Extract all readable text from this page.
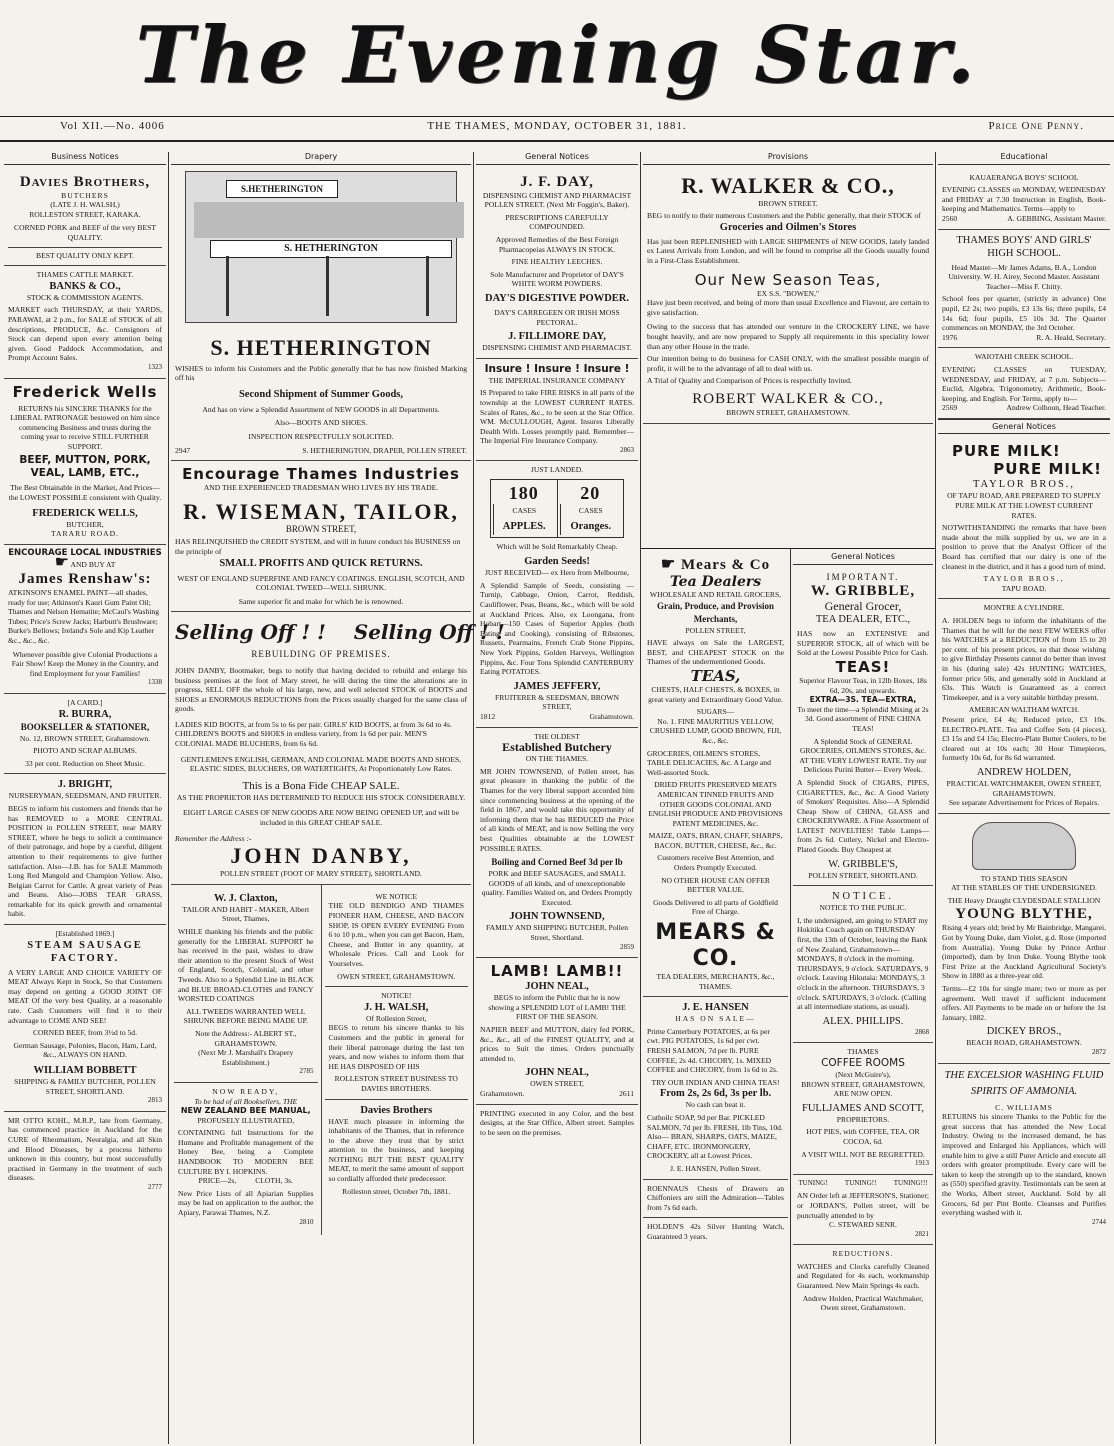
The Evening Star.
Vol XII.—No. 4006	THE THAMES, MONDAY, OCTOBER 31, 1881.	Price One Penny.
Business Notices
Davies Brothers,
BUTCHERS
(LATE J. H. WALSH,)
ROLLESTON STREET, KARAKA.
CORNED PORK and BEEF of the very BEST QUALITY.
BEST QUALITY ONLY KEPT.
THAMES CATTLE MARKET.
BANKS & CO.,
STOCK & COMMISSION AGENTS.
MARKET each THURSDAY, at their YARDS, PARAWAI, at 2 p.m., for SALE of STOCK of all descriptions, PRODUCE, &c. Consignors of Stock can depend upon every attention being given. Good Paddock Accommodation, and Prompt Account Sales.
1323
Frederick Wells
RETURNS his SINCERE THANKS for the LIBERAL PATRONAGE bestowed on him since commencing Business and trusts during the coming year to receive STILL FURTHER SUPPORT.
BEEF, MUTTON, PORK, VEAL, LAMB, ETC.,
The Best Obtainable in the Market, And Prices—the LOWEST POSSIBLE consistent with Quality.
FREDERICK WELLS,
BUTCHER,
TARARU ROAD.
ENCOURAGE LOCAL INDUSTRIES
☛ AND BUY AT
James Renshaw's:
ATKINSON'S ENAMEL PAINT—all shades, ready for use; Atkinson's Kauri Gum Paint Oil; Thames and Nelson Hematite; McCaul's Washing Tubes; Price's Screw Jacks; Harbutt's Brushware; Burke's Bellows; Ireland's Sole and Kip Leather &c., &c., &c.
Whenever possible give Colonial Productions a Fair Show! Keep the Money in the Country, and find Employment for your Families!
1338
[A CARD.]
R. BURRA,
BOOKSELLER & STATIONER,
No. 12, BROWN STREET, Grahamstown.
PHOTO AND SCRAP ALBUMS.
33 per cent. Reduction on Sheet Music.
J. BRIGHT,
NURSERYMAN, SEEDSMAN, AND FRUITER.
BEGS to inform his customers and friends that he has REMOVED to a MORE CENTRAL POSITION in POLLEN STREET, near MARY STREET, where he begs to solicit a continuance of their patronage, and hope by a careful, diligent attention to their requirements to give further satisfaction. Also—J.B. has for SALE Mammoth Long Red Mangold and Champion Yellow. Also, Belgian Carrot for Cattle. A great variety of Peas and Beans. Also—JOBS TEAR GRASS, remarkable for its quick growth and ornamental habit.
[Established 1869.]
STEAM SAUSAGE FACTORY.
A VERY LARGE AND CHOICE VARIETY OF MEAT Always Kept in Stock, So that Customers may depend on getting a GOOD JOINT OF MEAT Of the very best Quality, at a reasonable rate. Cash Customers will find it to their advantage to COME AND SEE!
CORNED BEEF, from 3½d to 5d.
German Sausage, Polonies, Bacon, Ham, Lard, &c., ALWAYS ON HAND.
WILLIAM BOBBETT
SHIPPING & FAMILY BUTCHER, POLLEN STREET, SHORTLAND.
2813
MR OTTO KOHL, M.R.P., late from Germany, has commenced practice in Auckland for the CURE of Rheumatism, Neuralgia, and all Skin and Blood Diseases, by a process hitherto unknown in this country, but most successfully practised in Germany in the treatment of such diseases.
2777
Drapery
S.HETHERINGTON
S. HETHERINGTON
S. HETHERINGTON
WISHES to inform his Customers and the Public generally that he has now finished Marking off his
Second Shipment of Summer Goods,
And has on view a Splendid Assortment of NEW GOODS in all Departments.
Also—BOOTS AND SHOES.
INSPECTION RESPECTFULLY SOLICITED.
2947	S. HETHERINGTON, DRAPER, POLLEN STREET.
Encourage Thames Industries
AND THE EXPERIENCED TRADESMAN WHO LIVES BY HIS TRADE.
R. WISEMAN, TAILOR,
BROWN STREET,
HAS RELINQUISHED the CREDIT SYSTEM, and will in future conduct his BUSINESS on the principle of
SMALL PROFITS AND QUICK RETURNS.
WEST OF ENGLAND SUPERFINE AND FANCY COATINGS. ENGLISH, SCOTCH, AND COLONIAL TWEED—WELL SHRUNK.
Same superior fit and make for which he is renowned.
Selling Off ! !    Selling Off ! !
REBUILDING OF PREMISES.
JOHN DANBY, Bootmaker, begs to notify that having decided to rebuild and enlarge his business premises at the foot of Mary street, he will during the time the alterations are in progress, SELL OFF the whole of his large, new, and well selected STOCK of BOOTS and SHOES at ENORMOUS REDUCTIONS from the Prices usually charged for the same class of goods.
LADIES KID BOOTS, at from 5s to 6s per pair. GIRLS' KID BOOTS, at from 3s 6d to 4s. CHILDREN'S BOOTS and SHOES in endless variety, from 1s 6d per pair. MEN'S COLONIAL MADE BLUCHERS, from 6s 6d.
GENTLEMEN'S ENGLISH, GERMAN, AND COLONIAL MADE BOOTS AND SHOES, ELASTIC SIDES, BLUCHERS, OR WATERTIGHTS, At Proportionately Low Rates.
This is a Bona Fide CHEAP SALE.
AS THE PROPRIETOR HAS DETERMINED TO REDUCE HIS STOCK CONSIDERABLY.
EIGHT LARGE CASES OF NEW GOODS ARE NOW BEING OPENED UP, and will be included in this GREAT CHEAP SALE.
Remember the Address :-
JOHN DANBY,
POLLEN STREET (FOOT OF MARY STREET), SHORTLAND.
W. J. Claxton,
TAILOR AND HABIT - MAKER, Albert Street, Thames,
WHILE thanking his friends and the public generally for the LIBERAL SUPPORT he has received in the past, wishes to draw their attention to the present Stock of West of England, Scotch, Colonial, and other Tweeds. Also to a Splendid Line in BLACK and BLUE BROAD-CLOTHS and FANCY WORSTED COATINGS
ALL TWEEDS WARRANTED WELL SHRUNK BEFORE BEING MADE UP.
Note the Address:- ALBERT ST., GRAHAMSTOWN.
(Next Mr J. Marshall's Drapery Establishment.)
2785
NOW READY,
To be had of all Booksellers, THE
NEW ZEALAND BEE MANUAL,
PROFUSELY ILLUSTRATED,
CONTAINING full Instructions for the Humane and Profitable management of the Honey Bee, being a Complete HANDBOOK TO MODERN BEE CULTURE BY I. HOPKINS.
PRICE—2s,          CLOTH, 3s.
New Price Lists of all Apiarian Supplies may be had on application to the author, the Apiary, Parawai Thames, N.Z.
2810
WE NOTICE
THE OLD BENDIGO AND THAMES PIONEER HAM, CHEESE, AND BACON SHOP, IS OPEN EVERY EVENING From 6 to 10 p.m., when you can get Bacon, Ham, Cheese, and Butter in any quantity, at Wholesale Prices. Call and Look for Yourselves.
OWEN STREET, GRAHAMSTOWN.
NOTICE!
J. H. WALSH,
Of Rolleston Street,
BEGS to return his sincere thanks to his Customers and the public in general for their liberal patronage during the last ten years, and now wishes to inform them that HE HAS DISPOSED OF HIS
ROLLESTON STREET BUSINESS TO DAVIES BROTHERS.
Davies Brothers
HAVE much pleasure in informing the inhabitants of the Thames, that in reference to the above they trust that by strict attention to the business, and keeping NOTHING BUT THE BEST QUALITY MEAT, to merit the same amount of support so cordially afforded their predecessor.
Rolleston street, October 7th, 1881.
General Notices
J. F. DAY,
DISPENSING CHEMIST AND PHARMACIST
POLLEN STREET. (Next Mr Foggin's, Baker).
PRESCRIPTIONS CAREFULLY COMPOUNDED.
Approved Remedies of the Best Foreign Pharmacopeias ALWAYS IN STOCK.
FINE HEALTHY LEECHES.
Sole Manufacturer and Proprietor of DAY'S WHITE WORM POWDERS.
DAY'S DIGESTIVE POWDER.
DAY'S CARREGEEN OR IRISH MOSS PECTORAL.
J. FILLIMORE DAY,
DISPENSING CHEMIST AND PHARMACIST.
Insure ! Insure ! Insure !
THE IMPERIAL INSURANCE COMPANY
IS Prepared to take FIRE RISKS in all parts of the township at the LOWEST CURRENT RATES. Scales of Rates, &c., to be seen at the Star Office. WM. McCULLOUGH, Agent. Insures Liberally Dealth With. Losses promptly paid. Remember— The Imperial Fire Insurance Company.
2863
JUST LANDED.
180
CASES
APPLES.
20
CASES
Oranges.
Which will be Sold Remarkably Cheap.
Garden Seeds!
JUST RECEIVED— ex Hero from Melbourne,
A Splendid Sample of Seeds, consisting — Turnip, Cabbage, Onion, Carrot, Reddish, Cauliflower, Peas, Beans, &c., which will be sold at Auckland Prices. Also, ex Loongana, from Hobart—150 Cases of Superior Apples (both Eating and Cooking), consisting of Ribstones, Russets, Pearmains, French Crab Stone Pippins, New York Pippins, Golden Harveys, Wellington Pippins, &c. Four Tons Splendid CANTERBURY Eating POTATOES.
JAMES JEFFERY,
FRUITERER & SEEDSMAN, BROWN STREET,
1812	Grahamstown.
THE OLDEST
Established Butchery
ON THE THAMES.
MR JOHN TOWNSEND, of Pollen street, has great pleasure in thanking the public of the Thames for the very liberal support accorded him since commencing business at the opening of the field in 1867, and would take this opportunity of informing them that he has REDUCED the Price of all kinds of MEAT, and is now Selling the very best Qualities obtainable at the LOWEST POSSIBLE RATES.
Boiling and Corned Beef 3d per lb
PORK and BEEF SAUSAGES, and SMALL GOODS of all kinds, and of unexceptionable quality. Families Waited on, and Orders Promptly Executed.
JOHN TOWNSEND,
FAMILY AND SHIPPING BUTCHER, Pollen Street, Shortland.
2859
LAMB! LAMB!!
JOHN NEAL,
BEGS to inform the Public that he is now showing a SPLENDID LOT of LAMB! THE FIRST OF THE SEASON.
NAPIER BEEF and MUTTON, dairy fed PORK, &c., &c., all of the FINEST QUALITY, and at prices to Suit the times. Orders punctually attended to.
JOHN NEAL,
OWEN STREET,
Grahamstown.	2611
PRINTING executed in any Color, and the best designs, at the Star Office, Albert street. Samples to be seen on the premises.
Provisions
R. WALKER & CO.,
BROWN STREET.
BEG to notify to their numerous Customers and the Public generally, that their STOCK of
Groceries and Oilmen's Stores
Has just been REPLENISHED with LARGE SHIPMENTS of NEW GOODS, lately landed ex Latest Arrivals from London, and will be found to comprise all the Goods usually found in a First-Class Establishment.
Our New Season Teas,
EX S.S. "BOWEN,"
Have just been received, and being of more than usual Excellence and Flavour, are certain to give satisfaction.
Owing to the success that has attended our venture in the CROCKERY LINE, we have bought heavily, and are now prepared to Supply all requirements in this speciality lower than any other House in the trade.
Our intention being to do business for CASH ONLY, with the smallest possible margin of profit, it will be to the advantage of all to deal with us.
A Trial of Quality and Comparison of Prices is respectfully Invited.
ROBERT WALKER & CO.,
BROWN STREET, GRAHAMSTOWN.
☛ Mears & Co
Tea Dealers
WHOLESALE AND RETAIL GROCERS,
Grain, Produce, and Provision Merchants,
POLLEN STREET,
HAVE always on Sale the LARGEST, BEST, and CHEAPEST STOCK on the Thames of the undermentioned Goods.
TEAS,
CHESTS, HALF CHESTS, & BOXES, in great variety and Extraordinary Good Value.
SUGARS—
No. 1. FINE MAURITIUS YELLOW, CRUSHED LUMP, GOOD BROWN, FIJI, &c., &c.
GROCERIES, OILMEN'S STORES, TABLE DELICACIES, &c. A Large and Well-assorted Stock.
DRIED FRUITS PRESERVED MEATS AMERICAN TINNED FRUITS AND OTHER GOODS COLONIAL AND ENGLISH PRODUCE AND PROVISIONS PATENT MEDICINES, &c.
MAIZE, OATS, BRAN, CHAFF, SHARPS, BACON, BUTTER, CHEESE, &c., &c.
Customers receive Best Attention, and Orders Promptly Executed.
NO OTHER HOUSE CAN OFFER BETTER VALUE.
Goods Delivered to all parts of Goldfield Free of Charge.
MEARS & CO.
TEA DEALERS, MERCHANTS, &c., THAMES.
J. E. HANSEN
HAS ON SALE—
Prime Canterbury POTATOES, at 6s per cwt. PIG POTATOES, 1s 6d per cwt. FRESH SALMON, 7d per lb. PURE COFFEE, 2s 4d. CHICORY, 1s. MIXED COFFEE and CHICORY, from 1s 6d to 2s.
TRY OUR INDIAN AND CHINA TEAS!
From 2s, 2s 6d, 3s per lb.
No cash can beat it.
Cuthoilc SOAP, 9d per Bar. PICKLED SALMON, 7d per lb. FRESH, 1lb Tins, 10d. Also— BRAN, SHARPS, OATS, MAIZE, CHAFF, ETC. IRONMONGERY, CROCKERY, all at Lowest Prices.
J. E. HANSEN, Pollen Street.
ROENNAUS Chests of Drawers an Chiffoniers are still the Admiration—Tables from 7s 6d each.
HOLDEN'S 42s Silver Hunting Watch, Guaranteed 3 years.
General Notices
IMPORTANT.
W. GRIBBLE,
General Grocer,
TEA DEALER, ETC.,
HAS now an EXTENSIVE and SUPERIOR STOCK, all of which will be Sold at the Lowest Possible Price for Cash.
TEAS!
Superior Flavour Teas, in 12lb Boxes, 18s 6d, 20s, and upwards.
EXTRA—3S. TEA—EXTRA,
To meet the time—a Splendid Mixing at 2s 3d. Good assortment of FINE CHINA TEAS!
A Splendid Stock of GENERAL GROCERIES, OILMEN'S STORES, &c. AT THE VERY LOWEST RATE. Try our Delicious Purini Butter— Every Week.
A Splendid Stock of CIGARS, PIPES, CIGARETTES, &c., &c. A Good Variety of Smokers' Requisites. Also—A Splendid Cheap Show of CHINA, GLASS and CROCKERYWARE. A Fine Assortment of LATEST NOVELTIES! Table Lamps—from 2s 6d. Cutlery, Nickel and Electro-Plated Goods. Buy Cheapest at
W. GRIBBLE'S,
POLLEN STREET, SHORTLAND.
NOTICE.
NOTICE TO THE PUBLIC.
I, the undersigned, am going to START my Hokitika Coach again on THURSDAY first, the 13th of October, leaving the Bank of New Zealand, Grahamstown— MONDAYS, 8 o'clock in the morning. THURSDAYS, 9 o'clock. SATURDAYS, 9 o'clock. Leaving Hikutaia: MONDAYS, 3 o'clock in the afternoon. THURSDAYS, 3 o'clock. SATURDAYS, 3 o'clock. (Calling at all intermediate stations, as usual).
ALEX. PHILLIPS.
2868
THAMES
COFFEE ROOMS
(Next McGuire's),
BROWN STREET, GRAHAMSTOWN, ARE NOW OPEN.
FULLJAMES AND SCOTT,
PROPRIETORS.
HOT PIES, with COFFEE, TEA, OR COCOA, 6d.
A VISIT WILL NOT BE REGRETTED.
1913
TUNING!          TUNING!!          TUNING!!!
AN Order left at JEFFERSON'S, Stationer; or JORDAN'S, Pollen street, will be punctually attended to by
C. STEWARD SENR.
2821
REDUCTIONS.
WATCHES and Clocks carefully Cleaned and Regulated for 4s each, workmanship Guaranteed. New Main Springs 4s each.
Andrew Holden, Practical Watchmaker, Owen street, Grahamstown.
Educational
KAUAERANGA BOYS' SCHOOL
EVENING CLASSES on MONDAY, WEDNESDAY and FRIDAY at 7.30 Instruction in English, Book-keeping and Mathematics. Terms—apply to
2560	A. GEBBING, Assistant Master.
THAMES BOYS' AND GIRLS' HIGH SCHOOL.
Head Master—Mr James Adams, B.A., London University. W. H. Airey, Second Master. Assistant Teacher—Miss F. Chitty.
School fees per quarter, (strictly in advance) One pupil, £2 2s; two pupils, £3 13s 6s; three pupils, £4 14s 6d; four pupils, £5 10s 3d. The Quarter commences on MONDAY, the 3rd October.
1976	R. A. Heald, Secretary.
WAIOTAHI CREEK SCHOOL.
EVENING CLASSES on TUESDAY, WEDNESDAY, and FRIDAY, at 7 p.m. Subjects—Euclid, Algebra, Trigonometry, Arithmetic, Book-keeping, and English. For Terms, apply to—
2569	Andrew Colhoun, Head Teacher.
General Notices
PURE MILK!
PURE MILK!
TAYLOR BROS.,
OF TAPU ROAD, ARE PREPARED TO SUPPLY PURE MILK AT THE LOWEST CURRENT RATES.
NOTWITHSTANDING the remarks that have been made about the milk supplied by us, we are in a position to prove that the Analyst Officer of the Board has certified that our dairy is one of the cleanest in the district, and it has a good turn of mind.
TAYLOR BROS.,
TAPU ROAD.
MONTRE A CYLINDRE.
A. HOLDEN begs to inform the inhabitants of the Thames that he will for the next FEW WEEKS offer his WATCHES at a REDUCTION of from 15 to 20 per cent. of his present prices, so that those wishing to give Birthday Presents cannot do better than invest in his (during sale) 42s HUNTING WATCHES, former price 50s, and generally sold in Auckland at 63s. This Watch is Guaranteed as a correct Timekeeper, and is a very suitable birthday present.
AMERICAN WALTHAM WATCH.
Present price, £4 4s; Reduced price, £3 10s. ELECTRO-PLATE. Tea and Coffee Sets (4 pieces), £3 15s and £4 15s; Electro-Plate Butter Coolers, to be cleared out at 10s each; 30 Hour Timepieces, formerly 10s 6d, for 8s 6d warranted.
ANDREW HOLDEN,
PRACTICAL WATCHMAKER, OWEN STREET, GRAHAMSTOWN.
See separate Advertisement for Prices of Repairs.
TO STAND THIS SEASON
AT THE STABLES OF THE UNDERSIGNED.
THE Heavy Draught CLYDESDALE STALLION
YOUNG BLYTHE,
Rising 4 years old; bred by Mr Bainbridge, Mangarei. Got by Young Duke, dam Violet, g.d. Rose (imported from Australia). Young Duke by Prince Arthur (imported), dam by Iron Duke. Young Blythe took First Prize at the Auckland Agricultural Society's Show in 1880 as a three-year old.
Terms—£2 10s for single mare; two or more as per agreement. Well travel if sufficient inducement offers. All Payments to be made on or before the 1st January, 1882.
DICKEY BROS.,
BEACH ROAD, GRAHAMSTOWN.
2872
THE EXCELSIOR WASHING FLUID SPIRITS OF AMMONIA.
C. WILLIAMS
RETURNS his sincere Thanks to the Public for the great success that has attended the New Local Industry. Owing to the increased demand, he has improved and Enlarged his Appliances, which will enable him to give a still Purer Article and execute all orders with greater promptitude. Every care will be taken to keep the strength up to the standard, known as (550) specified gravity. Testimonials can be seen at the Works, Albert street, Auckland. Sold by all Grocers, 6d per Pint Bottle. Cleanses and Purifies everything washed with it.
2744
